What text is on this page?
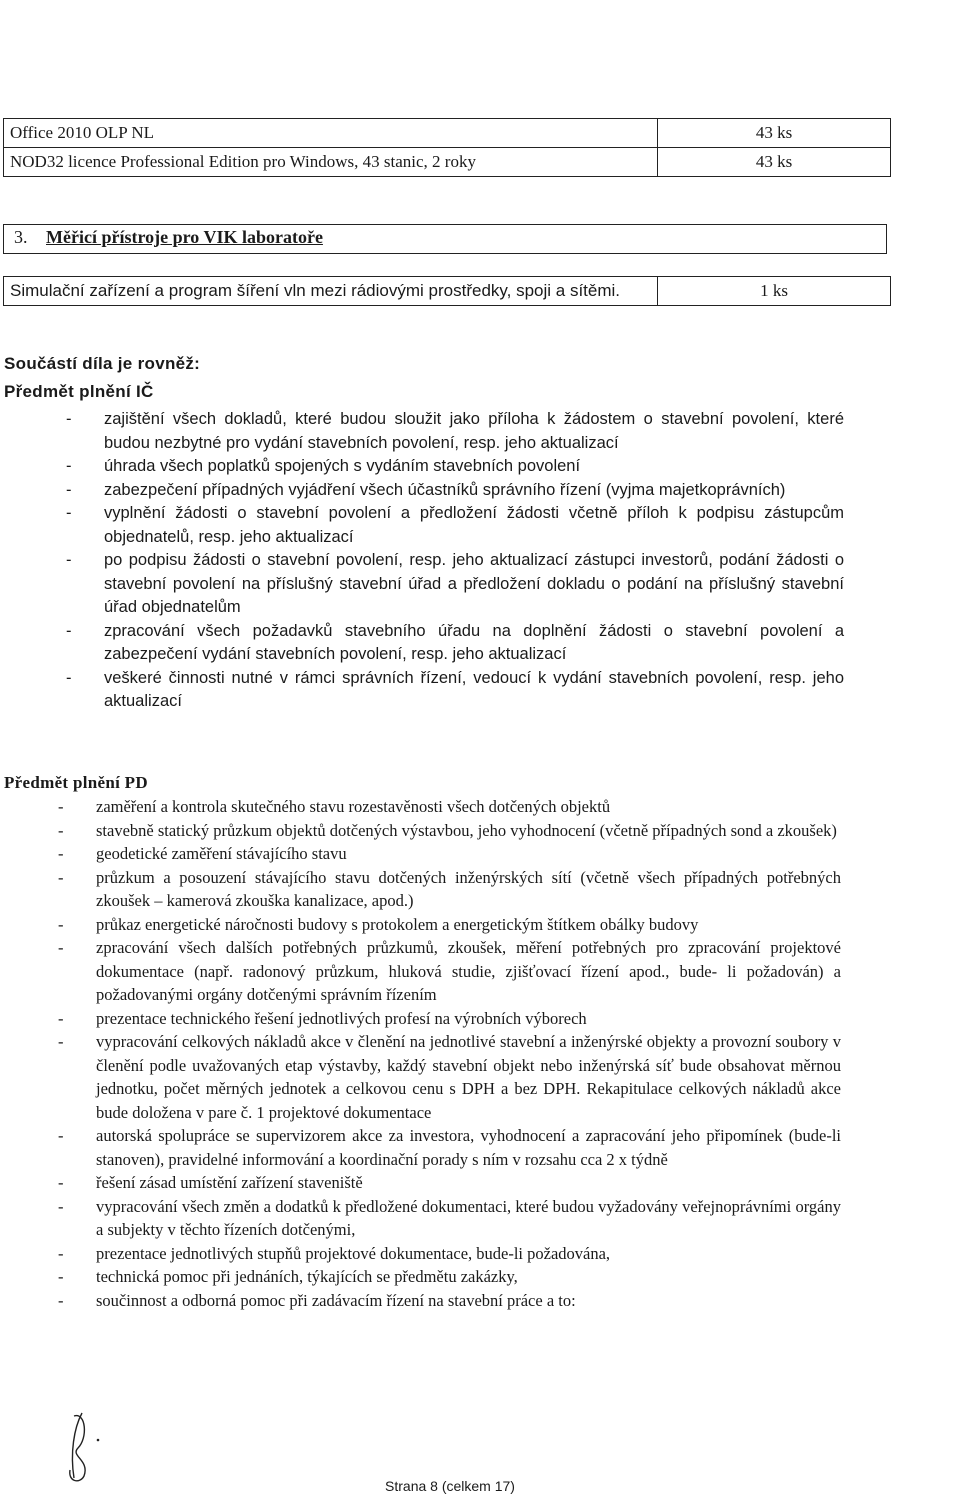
Office 2010 OLP NL	43 ks
NOD32 licence Professional Edition pro Windows, 43 stanic, 2 roky	43 ks
3. Měřicí přístroje pro VIK laboratoře
Simulační zařízení a program šíření vln mezi rádiovými prostředky, spoji a sítěmi.	1 ks
Součástí díla je rovněž:
Předmět plnění IČ
- zajištění všech dokladů, které budou sloužit jako příloha k žádostem o stavební povolení, které budou nezbytné pro vydání stavebních povolení, resp. jeho aktualizací
- úhrada všech poplatků spojených s vydáním stavebních povolení
- zabezpečení případných vyjádření všech účastníků správního řízení (vyjma majetkoprávních)
- vyplnění žádosti o stavební povolení a předložení žádosti včetně příloh k podpisu zástupcům objednatelů, resp. jeho aktualizací
- po podpisu žádosti o stavební povolení, resp. jeho aktualizací zástupci investorů, podání žádosti o stavební povolení na příslušný stavební úřad a předložení dokladu o podání na příslušný stavební úřad objednatelům
- zpracování všech požadavků stavebního úřadu na doplnění žádosti o stavební povolení a zabezpečení vydání stavebních povolení, resp. jeho aktualizací
- veškeré činnosti nutné v rámci správních řízení, vedoucí k vydání stavebních povolení, resp. jeho aktualizací
Předmět plnění PD
- zaměření a kontrola skutečného stavu rozestavěnosti všech dotčených objektů
- stavebně statický průzkum objektů dotčených výstavbou, jeho vyhodnocení (včetně případných sond a zkoušek)
- geodetické zaměření stávajícího stavu
- průzkum a posouzení stávajícího stavu dotčených inženýrských sítí (včetně všech případných potřebných zkoušek – kamerová zkouška kanalizace, apod.)
- průkaz energetické náročnosti budovy s protokolem a energetickým štítkem obálky budovy
- zpracování všech dalších potřebných průzkumů, zkoušek, měření potřebných pro zpracování projektové dokumentace (např. radonový průzkum, hluková studie, zjišťovací řízení apod., bude- li požadován) a požadovanými orgány dotčenými správním řízením
- prezentace technického řešení jednotlivých profesí na výrobních výborech
- vypracování celkových nákladů akce v členění na jednotlivé stavební a inženýrské objekty a provozní soubory v členění podle uvažovaných etap výstavby, každý stavební objekt nebo inženýrská síť bude obsahovat měrnou jednotku, počet měrných jednotek a celkovou cenu s DPH a bez DPH. Rekapitulace celkových nákladů akce bude doložena v pare č. 1 projektové dokumentace
- autorská spolupráce se supervizorem akce za investora, vyhodnocení a zapracování jeho připomínek (bude-li stanoven), pravidelné informování a koordinační porady s ním v rozsahu cca 2 x týdně
- řešení zásad umístění zařízení staveniště
- vypracování všech změn a dodatků k předložené dokumentaci, které budou vyžadovány veřejnoprávními orgány a subjekty v těchto řízeních dotčenými,
- prezentace jednotlivých stupňů projektové dokumentace, bude-li požadována,
- technická pomoc při jednáních, týkajících se předmětu zakázky,
- součinnost a odborná pomoc při zadávacím řízení na stavební práce a to:
Strana 8 (celkem 17)
